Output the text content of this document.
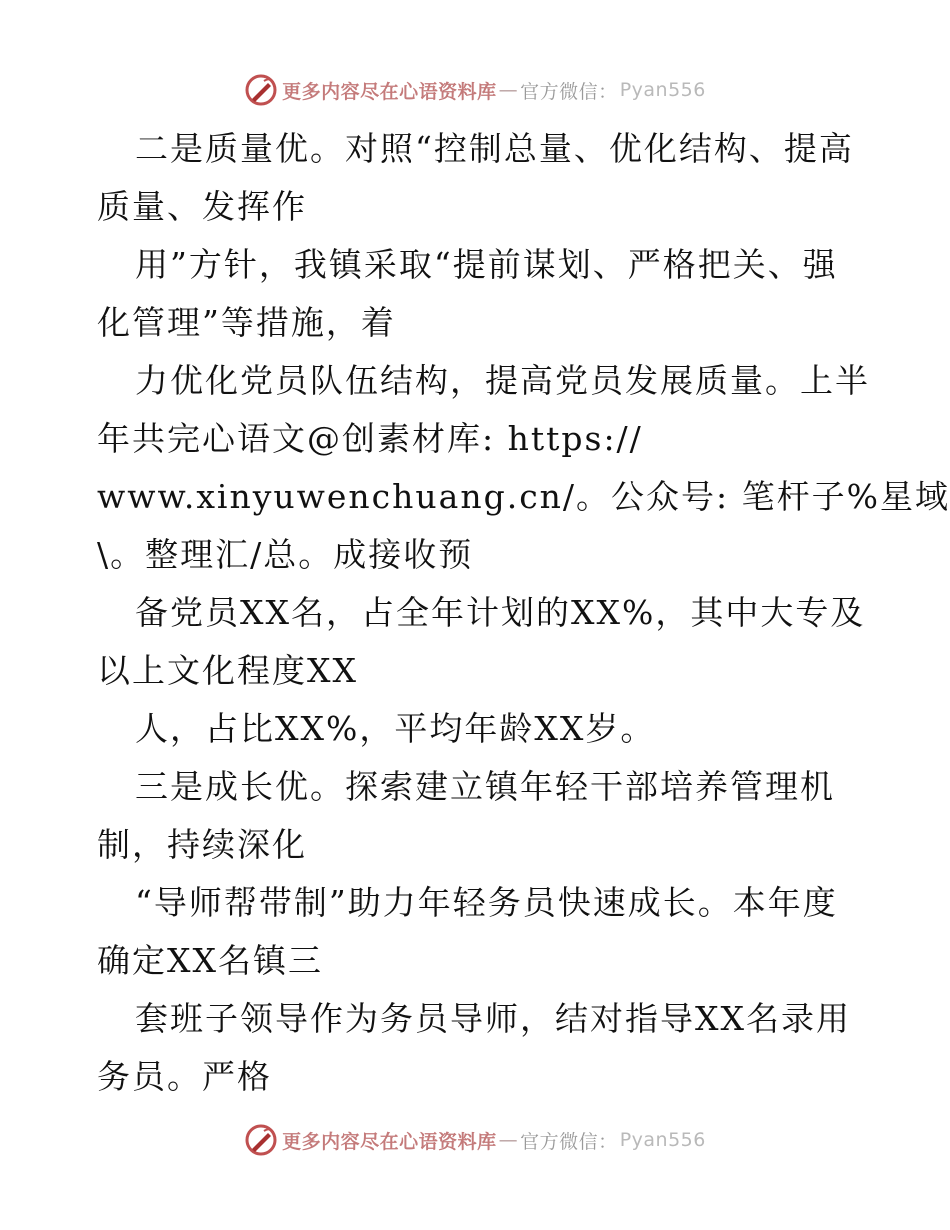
更多内容尽在心语资料库 — 官方微信： Pyan556
二是质量优。对照“控制总量、优化结构、提高
质量、发挥作
用”方针，我镇采取“提前谋划、严格把关、强
化管理”等措施，着
力优化党员队伍结构，提高党员发展质量。上半
年共完心语文@创素材库: https://
www.xinyuwenchuang.cn/。公众号: 笔杆子%星域
\。整理汇/总。成接收预
备党员XX名，占全年计划的XX%，其中大专及
以上文化程度XX
人，占比XX%，平均年龄XX岁。
三是成长优。探索建立镇年轻干部培养管理机
制，持续深化
“导师帮带制”助力年轻务员快速成长。本年度
确定XX名镇三
套班子领导作为务员导师，结对指导XX名录用
务员。严格
更多内容尽在心语资料库 — 官方微信： Pyan556
